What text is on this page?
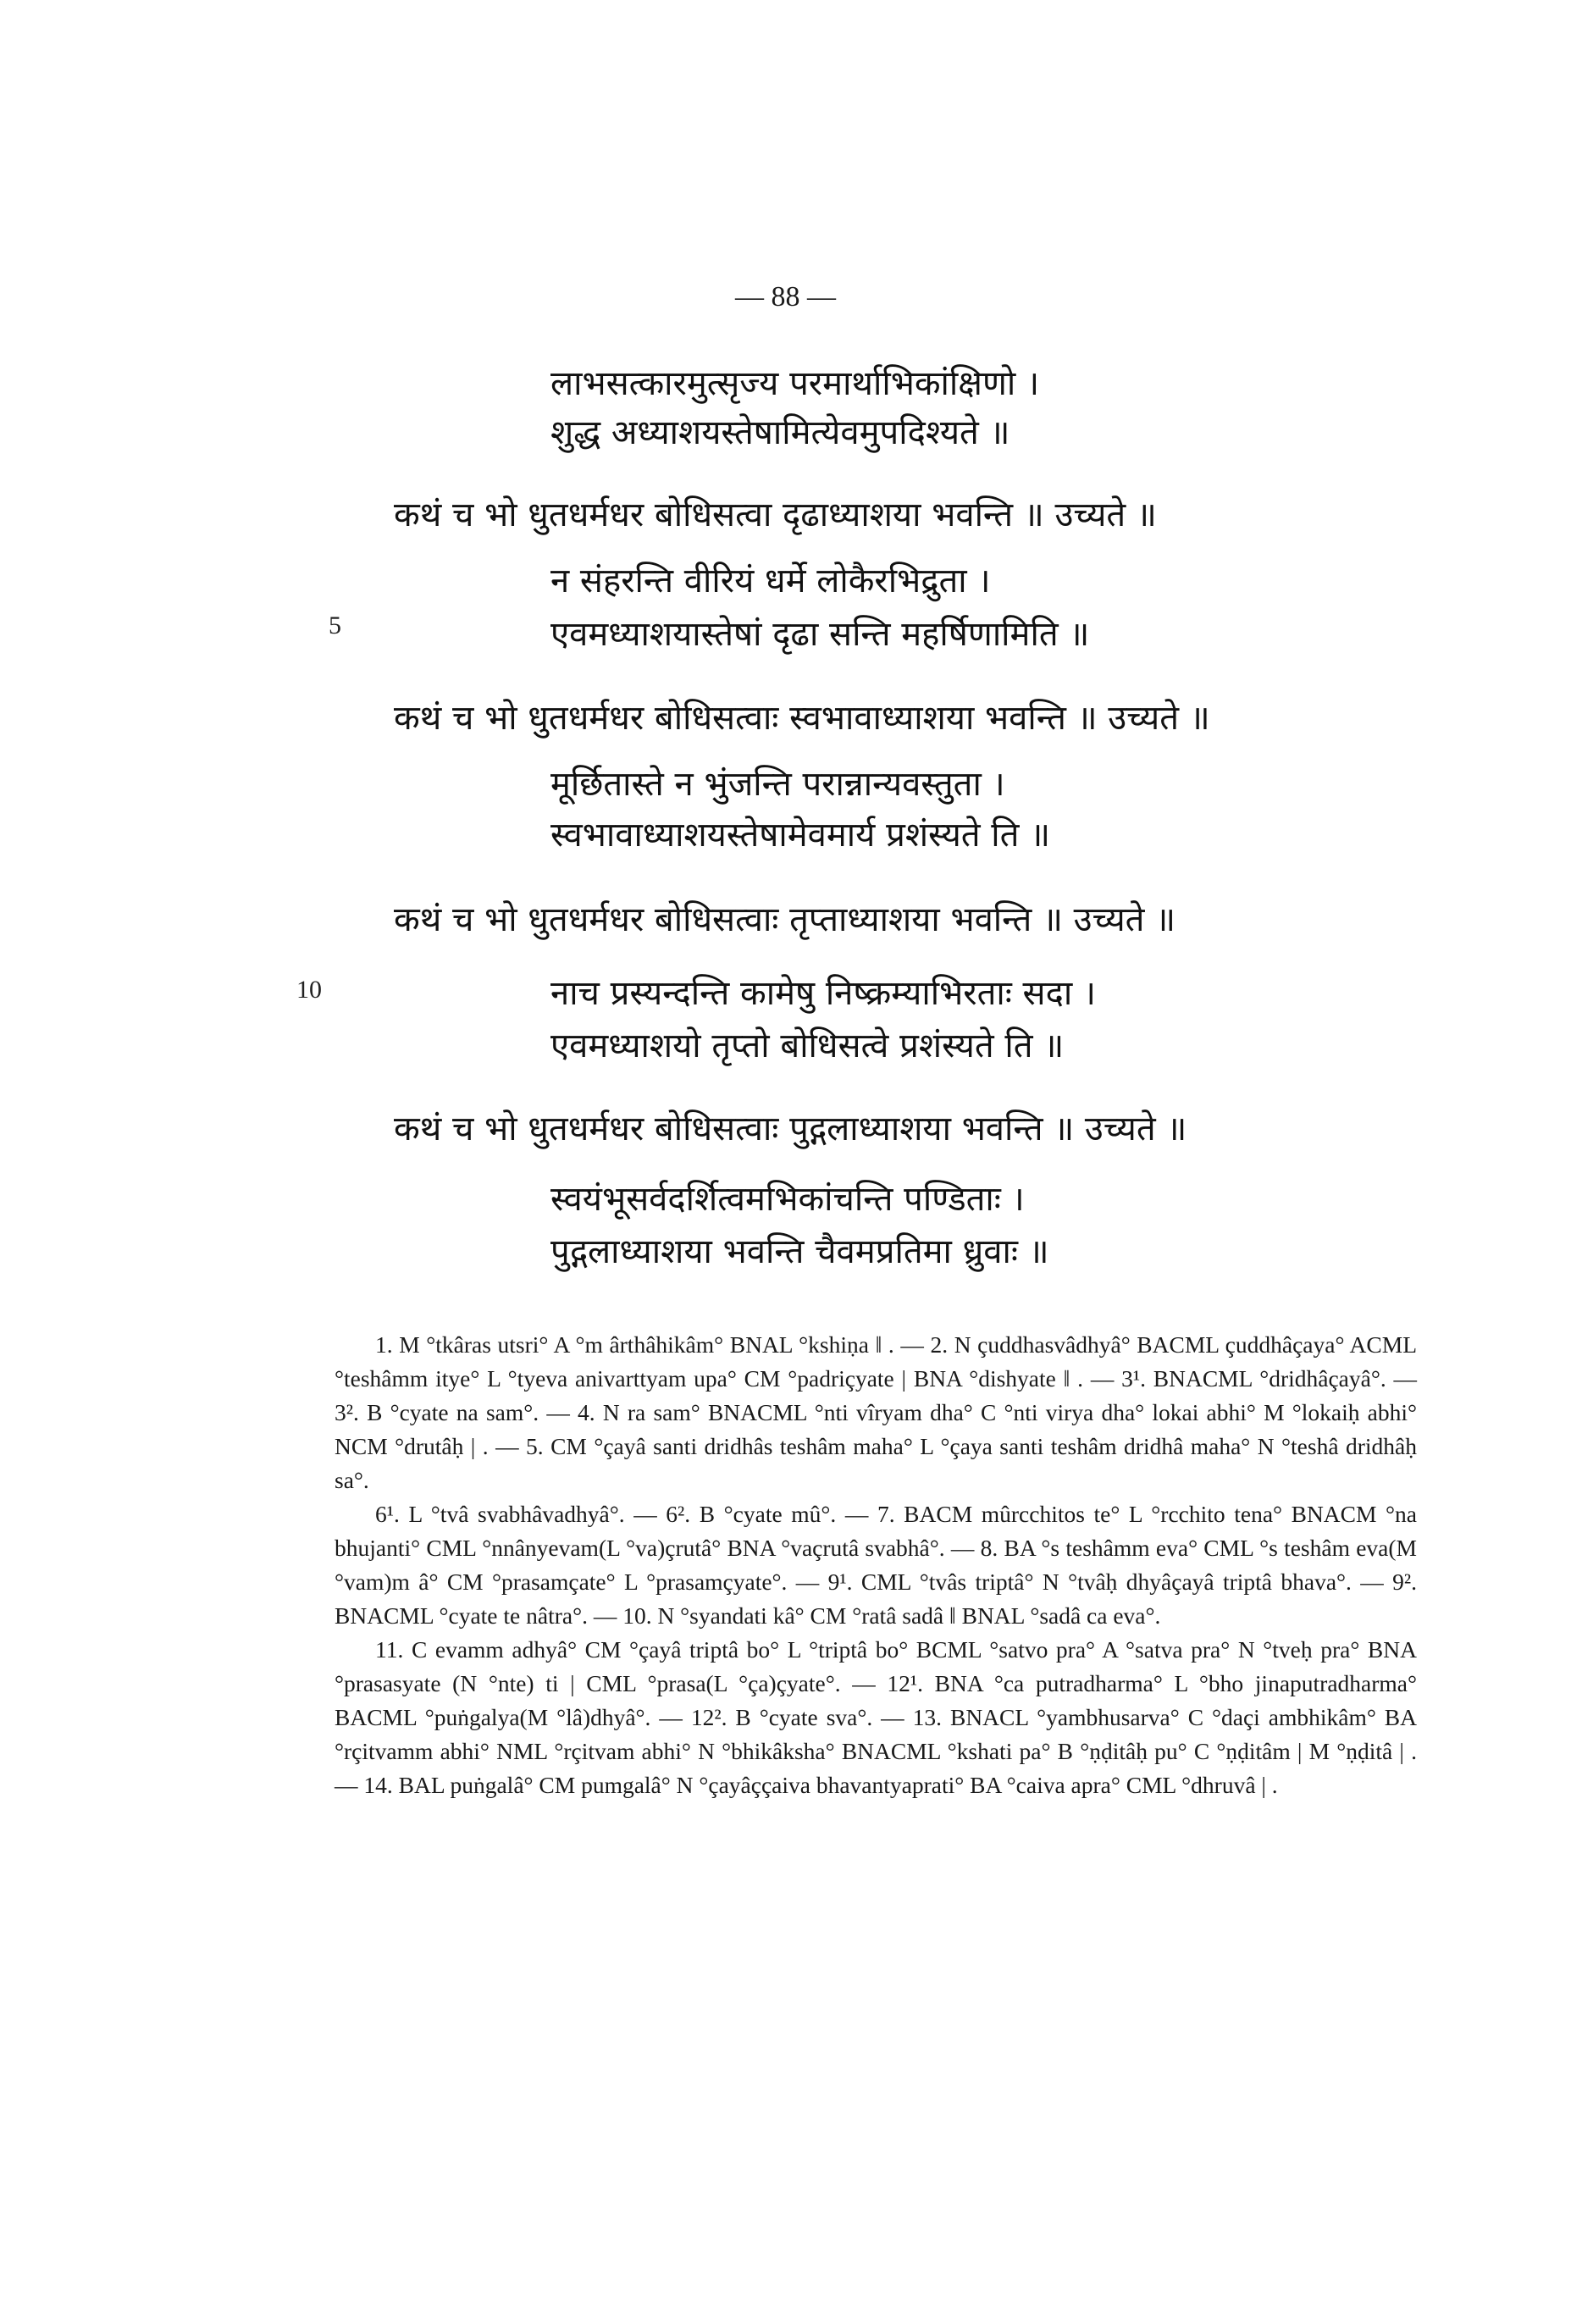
— 88 —
लाभसत्कारमुत्सृज्य परमार्थाभिकांक्षिणो ।
शुद्ध अध्याशयस्तेषामित्येवमुपदिश्यते ॥
कथं च भो धुतधर्मधर बोधिसत्वा दृढाध्याशया भवन्ति ॥ उच्यते ॥
न संहरन्ति वीरियं धर्मे लोकैरभिद्रुता ।
एवमध्याशयास्तेषां दृढा सन्ति महर्षिणामिति ॥
कथं च भो धुतधर्मधर बोधिसत्वाः स्वभावाध्याशया भवन्ति ॥ उच्यते ॥
मूर्छितास्ते न भुंजन्ति परान्नान्यवस्तुता ।
स्वभावाध्याशयस्तेषामेवमार्य प्रशंस्यते ति ॥
कथं च भो धुतधर्मधर बोधिसत्वाः तृप्ताध्याशया भवन्ति ॥ उच्यते ॥
नाच प्रस्यन्दन्ति कामेषु निष्क्रम्याभिरताः सदा ।
एवमध्याशयो तृप्तो बोधिसत्वे प्रशंस्यते ति ॥
कथं च भो धुतधर्मधर बोधिसत्वाः पुद्गलाध्याशया भवन्ति ॥ उच्यते ॥
स्वयंभूसर्वदर्शित्वमभिकांचन्ति पण्डिताः ।
पुद्गलाध्याशया भवन्ति चैवमप्रतिमा ध्रुवाः ॥
5
10

1. M °tkâras utsri° A °m ârthâhikâm° BNAL °kshiṇa ‖ . — 2. N çuddhasvâdhyâ° BACML çuddhâçaya° ACML °teshâmm itye° L °tyeva anivarttyam upa° CM °padriçyate | BNA °dishyate ‖ . — 3¹. BNACML °dridhâçayâ°. — 3². B °cyate na sam°. — 4. N ra sam° BNACML °nti vîryam dha° C °nti virya dha° lokai abhi° M °lokaiḥ abhi° NCM °drutâḥ | . — 5. CM °çayâ santi dridhâs teshâm maha° L °çaya santi teshâm dridhâ maha° N °teshâ dridhâḥ sa°.

6¹. L °tvâ svabhâvadhyâ°. — 6². B °cyate mû°. — 7. BACM mûrcchitos te° L °rcchito tena° BNACM °na bhujanti° CML °nnânyevam(L °va)çrutâ° BNA °vaçrutâ svabhâ°. — 8. BA °s teshâmm eva° CML °s teshâm eva(M °vam)m â° CM °prasamçate° L °prasamçyate°. — 9¹. CML °tvâs triptâ° N °tvâḥ dhyâçayâ triptâ bhava°. — 9². BNACML °cyate te nâtra°. — 10. N °syandati kâ° CM °ratâ sadâ ‖ BNAL °sadâ ca eva°.

11. C evamm adhyâ° CM °çayâ triptâ bo° L °triptâ bo° BCML °satvo pra° A °satva pra° N °tveḥ pra° BNA °prasasyate (N °nte) ti | CML °prasa(L °ça)çyate°. — 12¹. BNA °ca putradharma° L °bho jinaputradharma° BACML °puṅgalya(M °lâ)dhyâ°. — 12². B °cyate sva°. — 13. BNACL °yambhusarva° C °daçi ambhikâm° BA °rçitvamm abhi° NML °rçitvam abhi° N °bhikâksha° BNACML °kshati pa° B °ṇḍitâḥ pu° C °ṇḍitâm | M °ṇḍitâ | . — 14. BAL puṅgalâ° CM pumgalâ° N °çayâççaiva bhavantyaprati° BA °caiva apra° CML °dhruvâ | .
